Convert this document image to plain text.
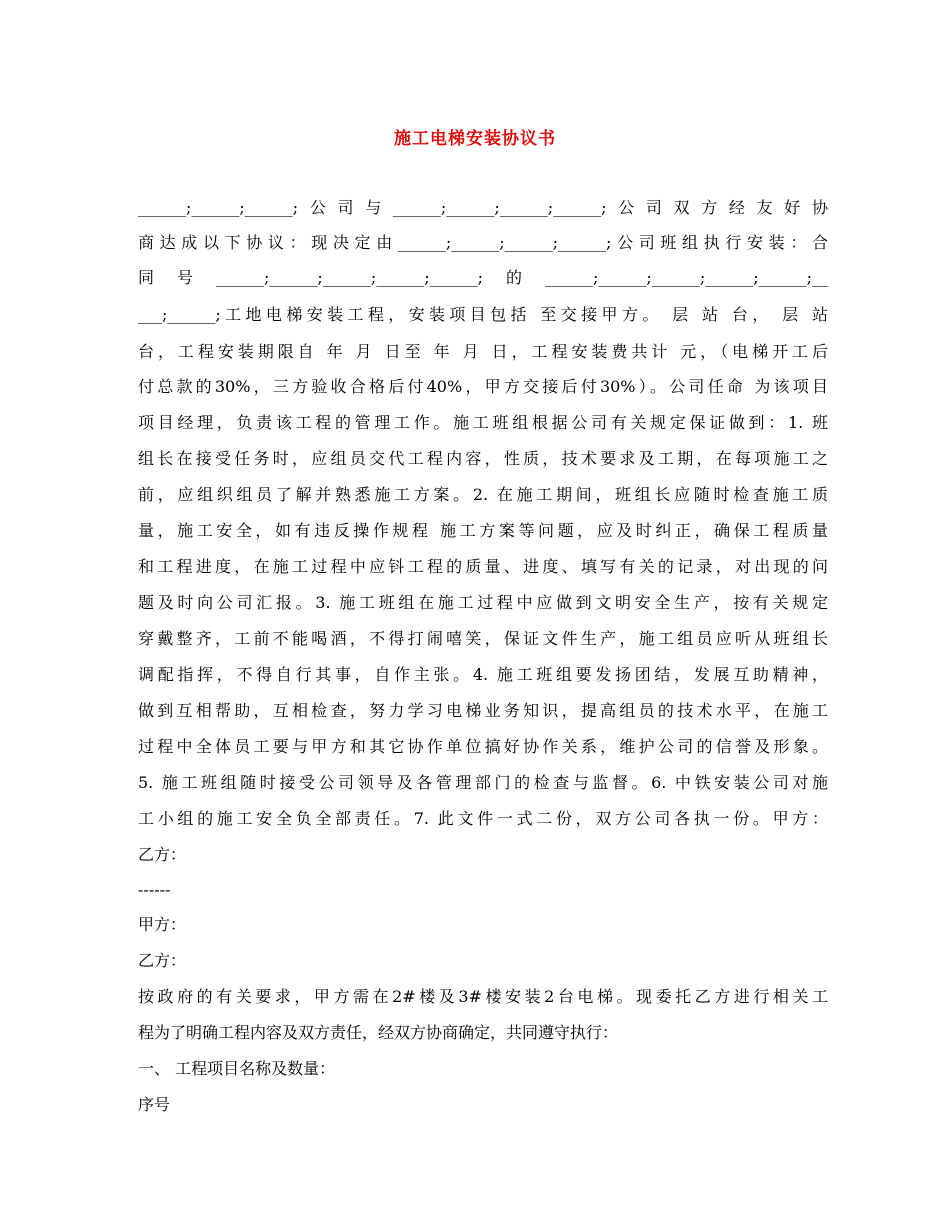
施工电梯安装协议书
______;______;______;公司与______;______;______;______;公司双方经友好协
商达成以下协议：现决定由______;______;______;______;公司班组执行安装：合
同号______;______;______;______;______;的______;______;______;______;______;__
___;______;工地电梯安装工程，安装项目包括 至交接甲方。 层 站 台， 层 站
台，工程安装期限自 年 月 日至 年 月 日，工程安装费共计 元，（电梯开工后
付总款的30%，三方验收合格后付40%，甲方交接后付30%）。公司任命 为该项目
项目经理，负责该工程的管理工作。施工班组根据公司有关规定保证做到：1. 班
组长在接受任务时，应组员交代工程内容，性质，技术要求及工期，在每项施工之
前，应组织组员了解并熟悉施工方案。2. 在施工期间，班组长应随时检查施工质
量，施工安全，如有违反操作规程 施工方案等问题，应及时纠正，确保工程质量
和工程进度，在施工过程中应钭工程的质量、进度、填写有关的记录，对出现的问
题及时向公司汇报。3. 施工班组在施工过程中应做到文明安全生产，按有关规定
穿戴整齐，工前不能喝酒，不得打闹嘻笑，保证文件生产，施工组员应听从班组长
调配指挥，不得自行其事，自作主张。4. 施工班组要发扬团结，发展互助精神，
做到互相帮助，互相检查，努力学习电梯业务知识，提高组员的技术水平，在施工
过程中全体员工要与甲方和其它协作单位搞好协作关系，维护公司的信誉及形象。
5. 施工班组随时接受公司领导及各管理部门的检查与监督。6. 中铁安装公司对施
工小组的施工安全负全部责任。7. 此文件一式二份，双方公司各执一份。甲方：
乙方：
------
甲方：
乙方：
按政府的有关要求，甲方需在2#楼及3#楼安装2台电梯。现委托乙方进行相关工
程为了明确工程内容及双方责任，经双方协商确定，共同遵守执行：
一、 工程项目名称及数量：
序号
